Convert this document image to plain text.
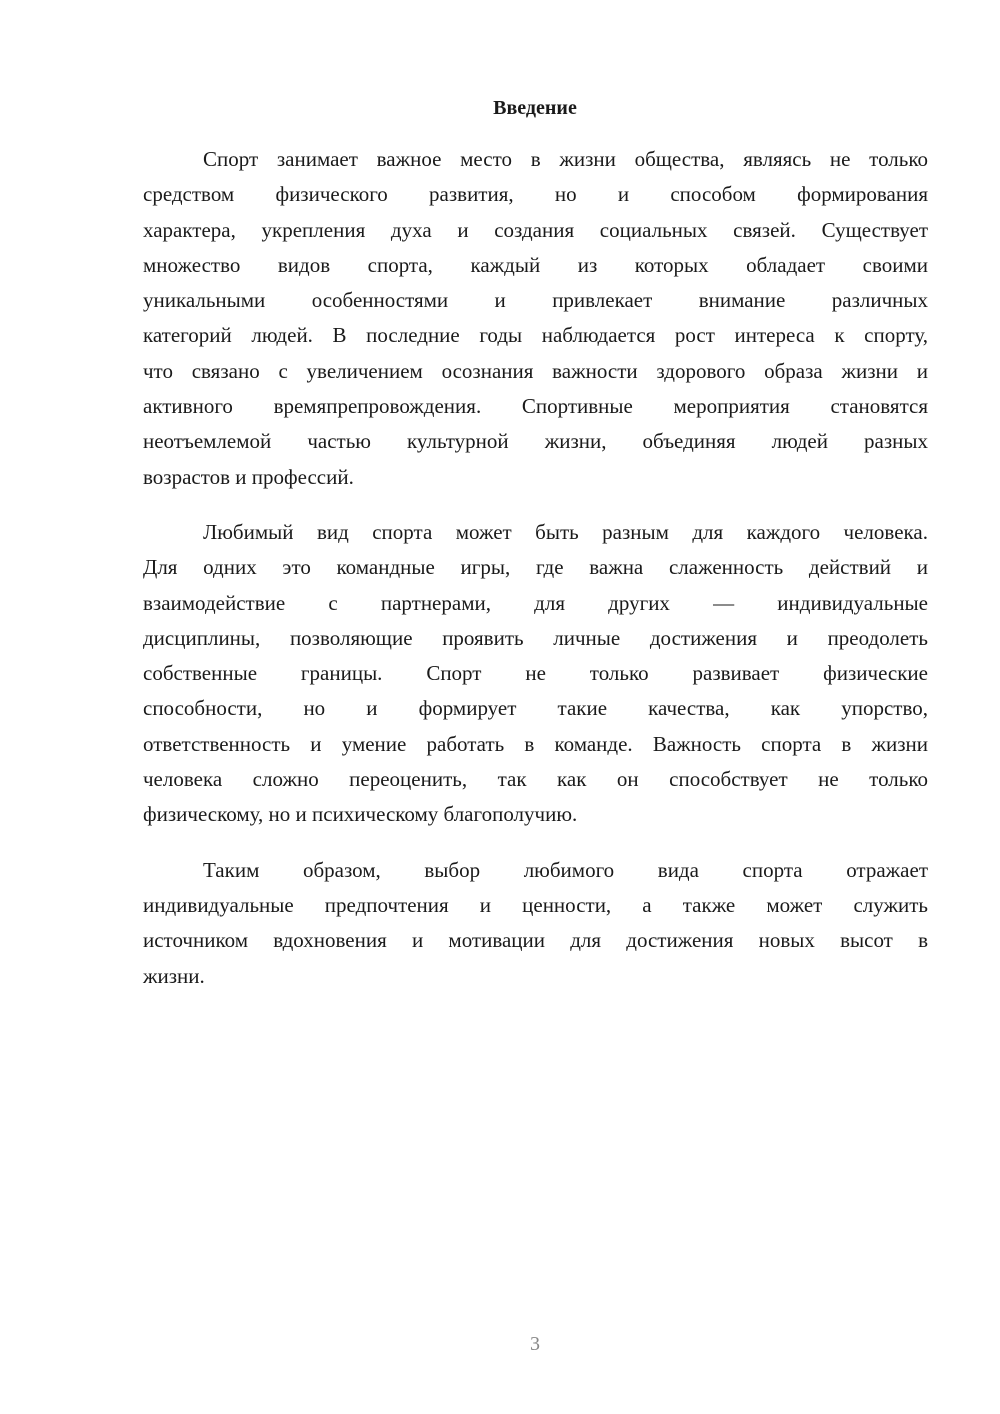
Введение
Спорт занимает важное место в жизни общества, являясь не только
средством физического развития, но и способом формирования
характера, укрепления духа и создания социальных связей. Существует
множество видов спорта, каждый из которых обладает своими
уникальными особенностями и привлекает внимание различных
категорий людей. В последние годы наблюдается рост интереса к спорту,
что связано с увеличением осознания важности здорового образа жизни и
активного времяпрепровождения. Спортивные мероприятия становятся
неотъемлемой частью культурной жизни, объединяя людей разных
возрастов и профессий.
Любимый вид спорта может быть разным для каждого человека.
Для одних это командные игры, где важна слаженность действий и
взаимодействие с партнерами, для других — индивидуальные
дисциплины, позволяющие проявить личные достижения и преодолеть
собственные границы. Спорт не только развивает физические
способности, но и формирует такие качества, как упорство,
ответственность и умение работать в команде. Важность спорта в жизни
человека сложно переоценить, так как он способствует не только
физическому, но и психическому благополучию.
Таким образом, выбор любимого вида спорта отражает
индивидуальные предпочтения и ценности, а также может служить
источником вдохновения и мотивации для достижения новых высот в
жизни.
3
